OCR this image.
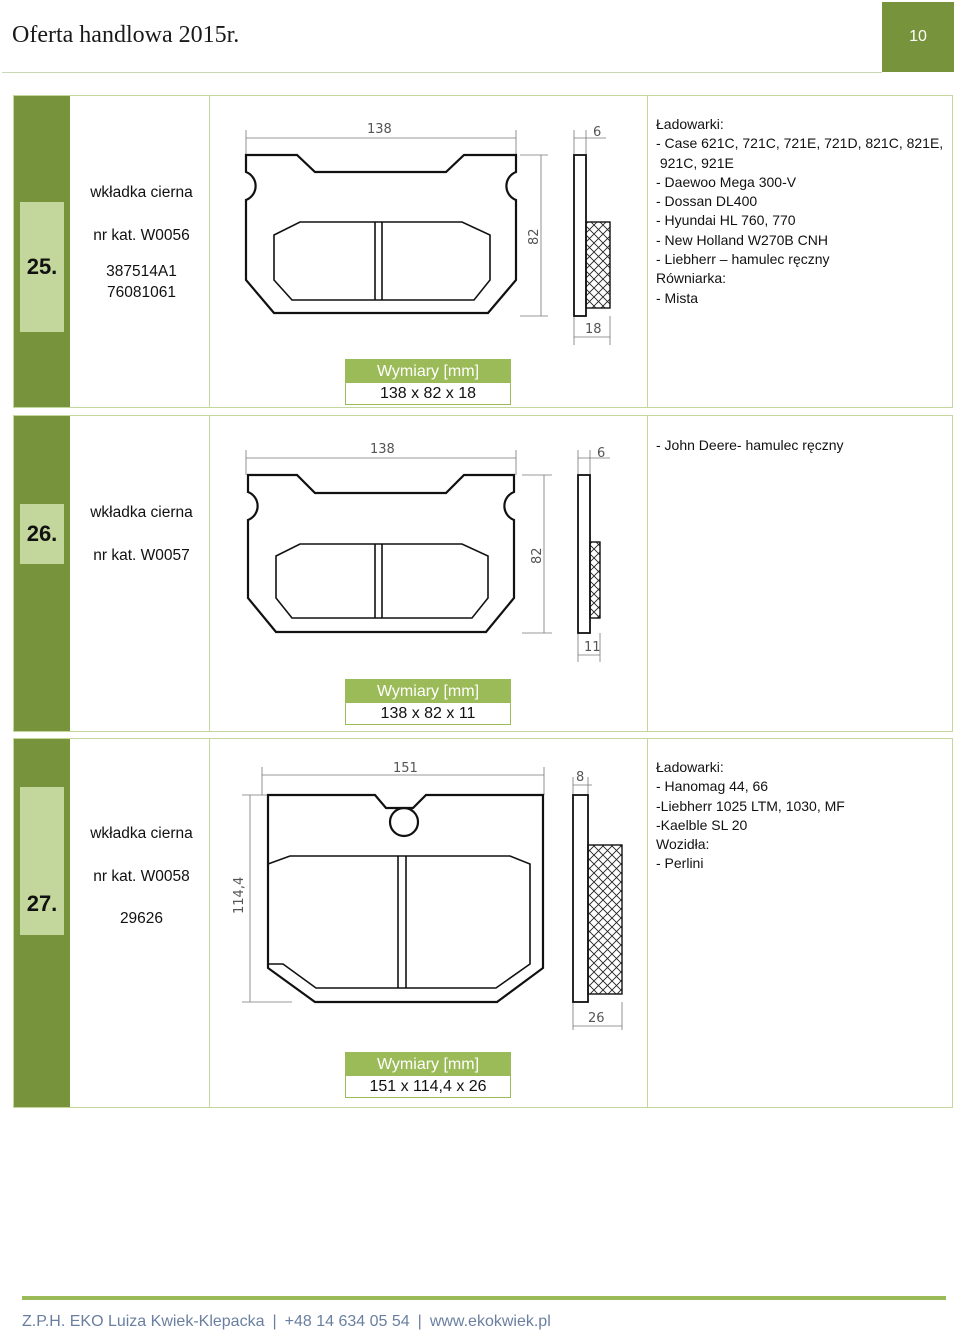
Oferta handlowa 2015r.	10
25.
wkładka cierna
nr kat. W0056
387514A1
76081061
Ładowarki:
- Case 621C, 721C, 721E, 721D, 821C, 821E,
921C, 921E
- Daewoo Mega 300-V
- Dossan DL400
- Hyundai HL 760, 770
- New Holland W270B CNH
- Liebherr – hamulec ręczny
Równiarka:
- Mista
Wymiary [mm]
138 x 82 x 18
138	6
82
18
26.
wkładka cierna
nr kat. W0057
- John Deere- hamulec ręczny
Wymiary [mm]
138 x 82 x 11
138	6
82
11
27.
wkładka cierna
nr kat. W0058
29626
Ładowarki:
- Hanomag 44, 66
-Liebherr 1025 LTM, 1030, MF
-Kaelble SL 20
Wozidła:
- Perlini
Wymiary [mm]
151 x 114,4 x 26
151
8
114,4
26
Z.P.H. EKO Luiza Kwiek-Klepacka | +48 14 634 05 54 | www.ekokwiek.pl
